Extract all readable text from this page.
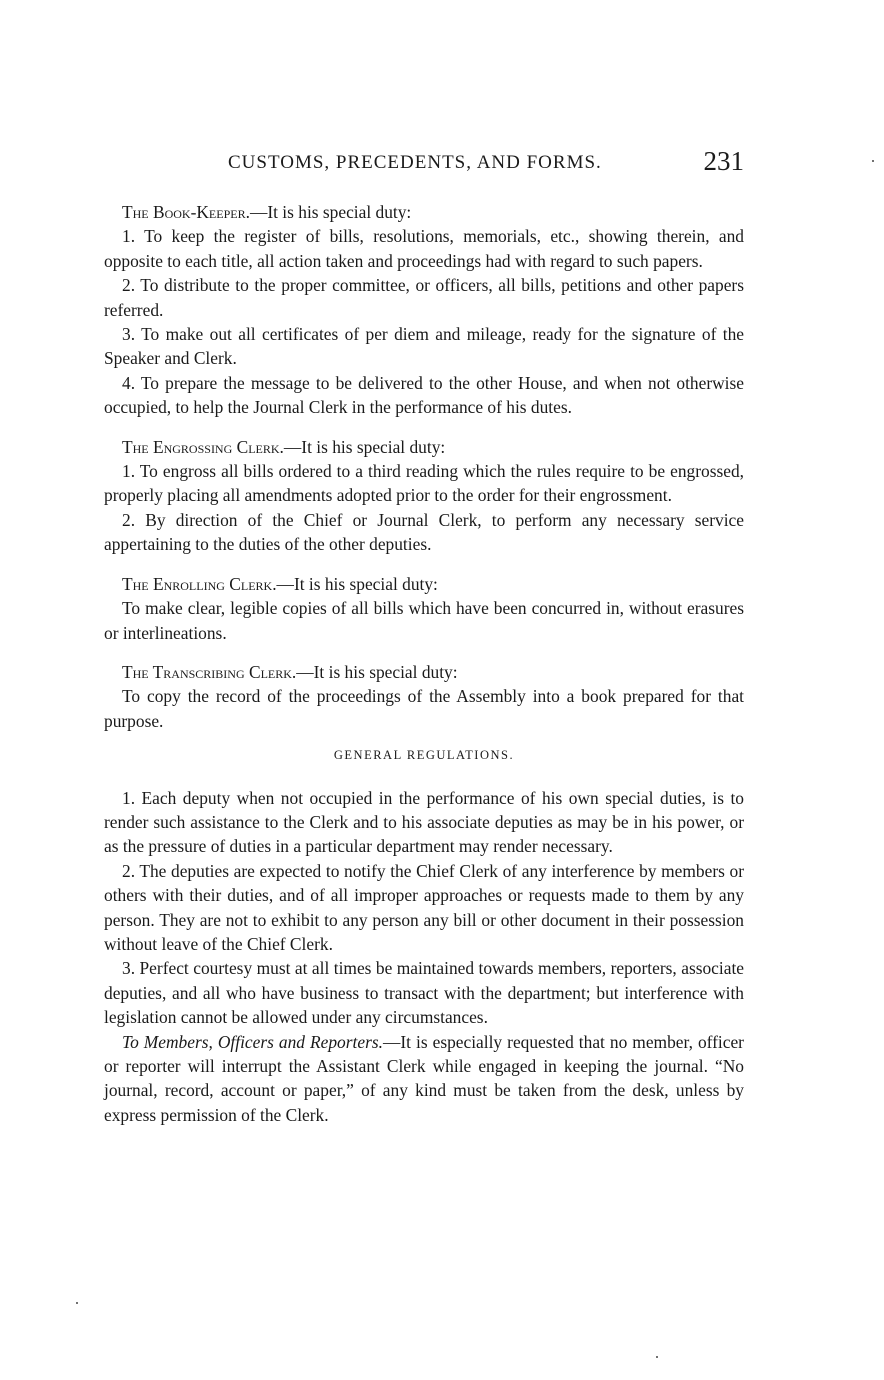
CUSTOMS, PRECEDENTS, AND FORMS.	231

The Book-Keeper.—It is his special duty:

1. To keep the register of bills, resolutions, memorials, etc., showing therein, and opposite to each title, all action taken and proceedings had with regard to such papers.

2. To distribute to the proper committee, or officers, all bills, petitions and other papers referred.

3. To make out all certificates of per diem and mileage, ready for the signature of the Speaker and Clerk.

4. To prepare the message to be delivered to the other House, and when not otherwise occupied, to help the Journal Clerk in the performance of his dutes.

The Engrossing Clerk.—It is his special duty:

1. To engross all bills ordered to a third reading which the rules require to be engrossed, properly placing all amendments adopted prior to the order for their engrossment.

2. By direction of the Chief or Journal Clerk, to perform any necessary service appertaining to the duties of the other deputies.

The Enrolling Clerk.—It is his special duty:

To make clear, legible copies of all bills which have been concurred in, without erasures or interlineations.

The Transcribing Clerk.—It is his special duty:

To copy the record of the proceedings of the Assembly into a book prepared for that purpose.

GENERAL REGULATIONS.

1. Each deputy when not occupied in the performance of his own special duties, is to render such assistance to the Clerk and to his associate deputies as may be in his power, or as the pressure of duties in a particular department may render necessary.

2. The deputies are expected to notify the Chief Clerk of any interference by members or others with their duties, and of all improper approaches or requests made to them by any person. They are not to exhibit to any person any bill or other document in their possession without leave of the Chief Clerk.

3. Perfect courtesy must at all times be maintained towards members, reporters, associate deputies, and all who have business to transact with the department; but interference with legislation cannot be allowed under any circumstances.

To Members, Officers and Reporters.—It is especially requested that no member, officer or reporter will interrupt the Assistant Clerk while engaged in keeping the journal. “No journal, record, account or paper,” of any kind must be taken from the desk, unless by express permission of the Clerk.
